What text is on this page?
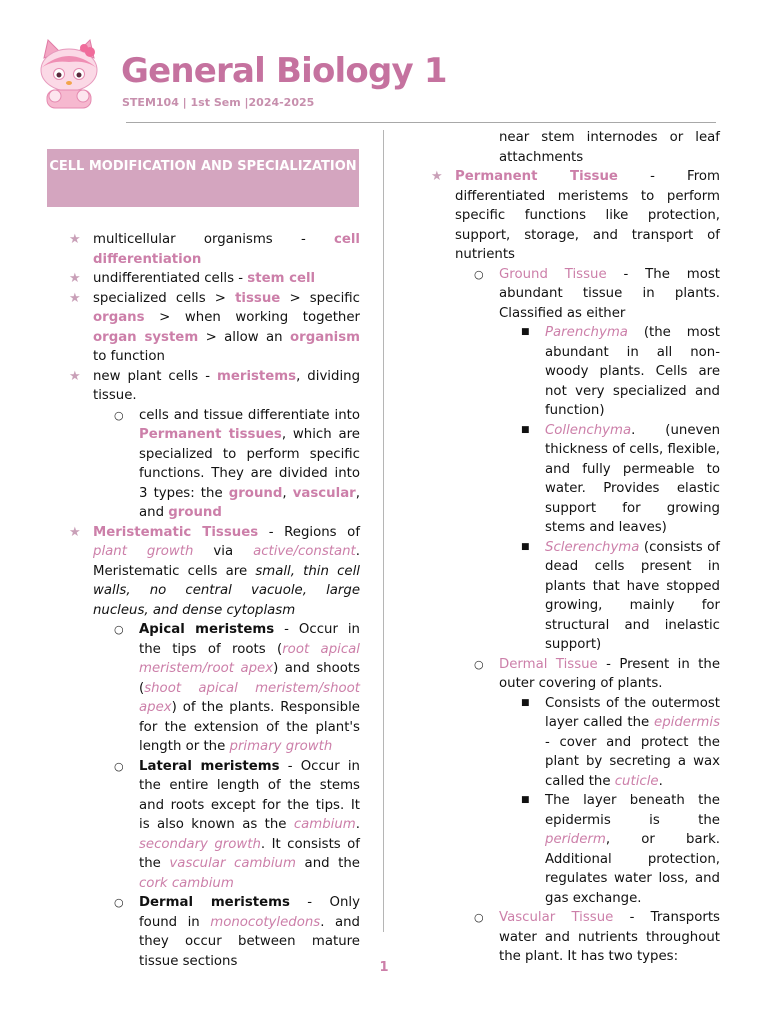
General Biology 1
STEM104 | 1st Sem |2024-2025
CELL MODIFICATION AND SPECIALIZATION
★ multicellular organisms - cell differentiation
★ undifferentiated cells - stem cell
★ specialized cells > tissue > specific organs > when working together organ system > allow an organism to function
★ new plant cells - meristems, dividing tissue.
○ cells and tissue differentiate into Permanent tissues, which are specialized to perform specific functions. They are divided into 3 types: the ground, vascular, and ground
★ Meristematic Tissues - Regions of plant growth via active/constant. Meristematic cells are small, thin cell walls, no central vacuole, large nucleus, and dense cytoplasm
○ Apical meristems - Occur in the tips of roots (root apical meristem/root apex) and shoots (shoot apical meristem/shoot apex) of the plants. Responsible for the extension of the plant's length or the primary growth
○ Lateral meristems - Occur in the entire length of the stems and roots except for the tips. It is also known as the cambium. secondary growth. It consists of the vascular cambium and the cork cambium
○ Dermal meristems - Only found in monocotyledons. and they occur between mature tissue sections
near stem internodes or leaf attachments
★ Permanent Tissue - From differentiated meristems to perform specific functions like protection, support, storage, and transport of nutrients
○ Ground Tissue - The most abundant tissue in plants. Classified as either
■ Parenchyma (the most abundant in all non-woody plants. Cells are not very specialized and function)
■ Collenchyma. (uneven thickness of cells, flexible, and fully permeable to water. Provides elastic support for growing stems and leaves)
■ Sclerenchyma (consists of dead cells present in plants that have stopped growing, mainly for structural and inelastic support)
○ Dermal Tissue - Present in the outer covering of plants.
■ Consists of the outermost layer called the epidermis - cover and protect the plant by secreting a wax called the cuticle.
■ The layer beneath the epidermis is the periderm, or bark. Additional protection, regulates water loss, and gas exchange.
○ Vascular Tissue - Transports water and nutrients throughout the plant. It has two types:
1
